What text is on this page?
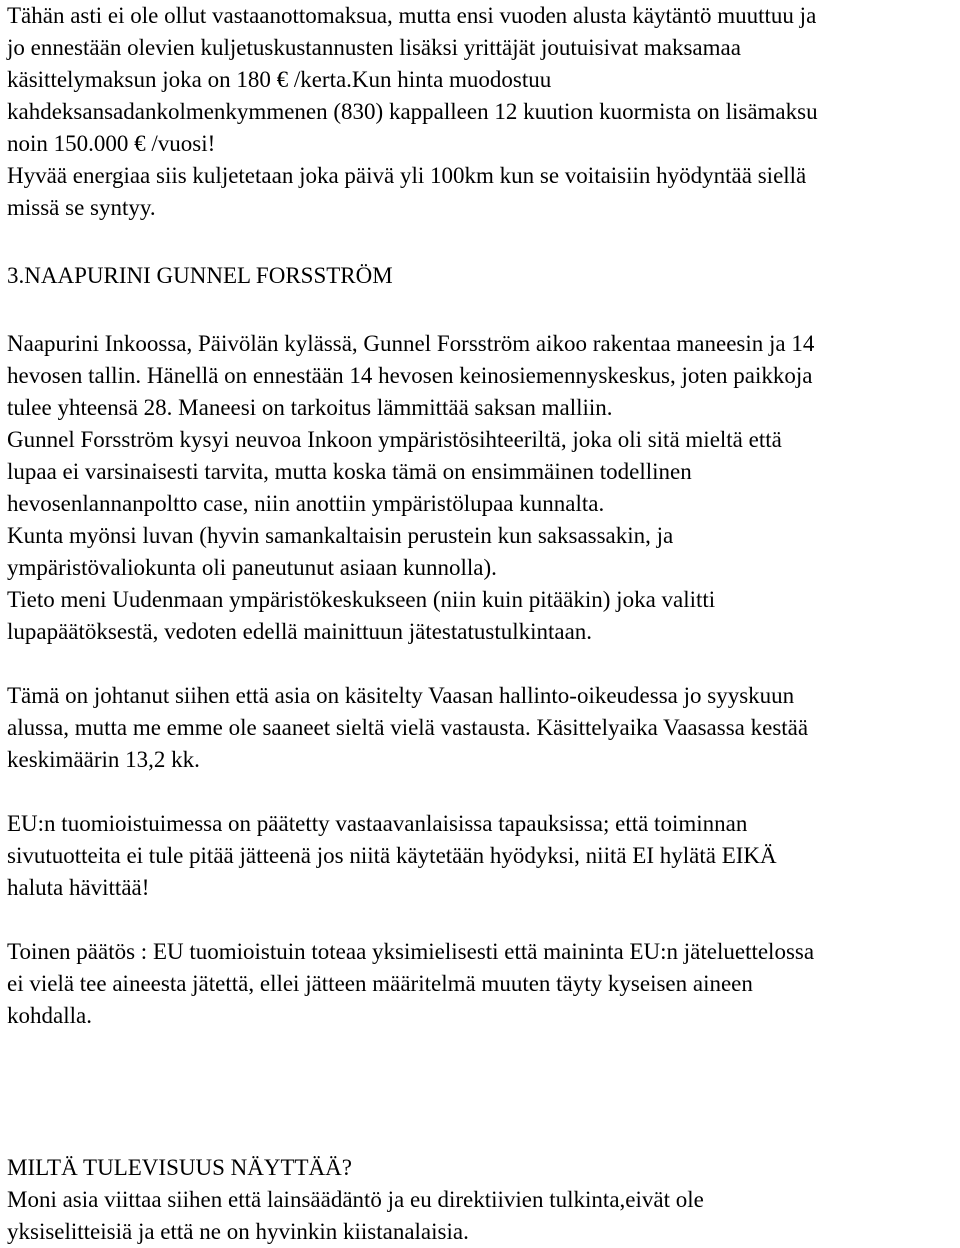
Tähän asti ei ole ollut vastaanottomaksua, mutta ensi vuoden alusta käytäntö muuttuu ja
jo ennestään olevien kuljetuskustannusten lisäksi yrittäjät joutuisivat maksamaa
käsittelymaksun joka on 180 € /kerta.Kun hinta muodostuu
kahdeksansadankolmenkymmenen (830) kappalleen 12 kuution kuormista on lisämaksu
noin 150.000 € /vuosi!
Hyvää energiaa siis kuljetetaan joka päivä yli 100km kun se voitaisiin hyödyntää siellä
missä se syntyy.
3.NAAPURINI GUNNEL FORSSTRÖM
Naapurini Inkoossa, Päivölän kylässä, Gunnel Forsström aikoo rakentaa maneesin ja 14
hevosen tallin. Hänellä on ennestään 14 hevosen keinosiemennyskeskus, joten paikkoja
tulee yhteensä 28. Maneesi on tarkoitus lämmittää saksan malliin.
Gunnel Forsström kysyi neuvoa Inkoon ympäristösihteeriltä, joka oli sitä mieltä että
lupaa ei varsinaisesti tarvita, mutta koska tämä on ensimmäinen todellinen
hevosenlannanpoltto case, niin anottiin ympäristölupaa kunnalta.
Kunta myönsi luvan (hyvin samankaltaisin perustein kun saksassakin, ja
ympäristövaliokunta oli paneutunut asiaan kunnolla).
Tieto meni Uudenmaan ympäristökeskukseen (niin kuin pitääkin) joka valitti
lupapäätöksestä, vedoten edellä mainittuun jätestatustulkintaan.
Tämä on johtanut siihen että asia on käsitelty Vaasan hallinto-oikeudessa jo syyskuun
alussa, mutta me emme ole saaneet sieltä vielä vastausta. Käsittelyaika Vaasassa kestää
keskimäärin 13,2 kk.
EU:n tuomioistuimessa on päätetty vastaavanlaisissa tapauksissa; että toiminnan
sivutuotteita ei tule pitää jätteenä jos niitä käytetään hyödyksi, niitä EI hylätä EIKÄ
haluta hävittää!
Toinen päätös : EU tuomioistuin toteaa yksimielisesti että maininta EU:n jäteluettelossa
ei vielä tee aineesta jätettä, ellei jätteen määritelmä muuten täyty kyseisen aineen
kohdalla.
MILTÄ TULEVISUUS NÄYTTÄÄ?
Moni asia viittaa siihen että lainsäädäntö ja eu direktiivien tulkinta,eivät ole
yksiselitteisiä ja että ne on hyvinkin kiistanalaisia.
